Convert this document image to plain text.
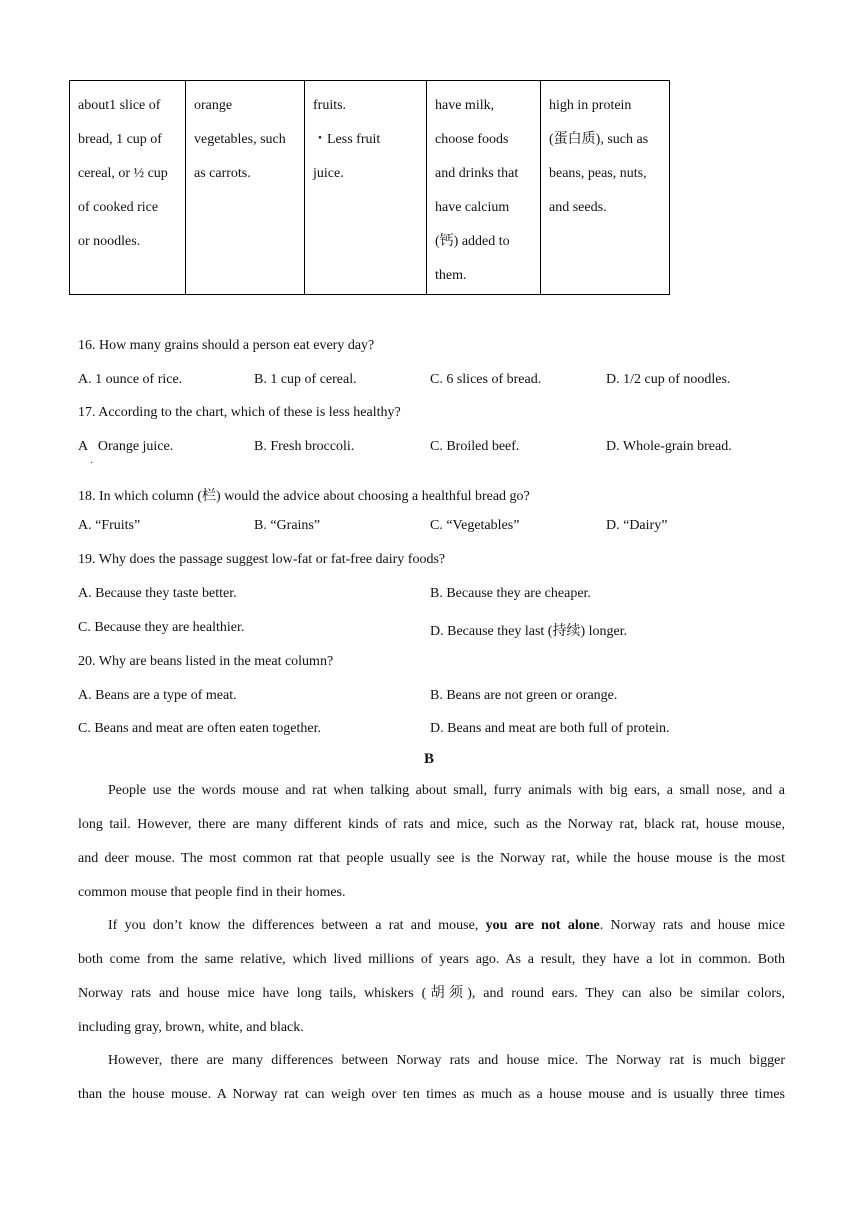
about1 slice of
bread, 1 cup of
cereal, or ½ cup
of cooked rice
or noodles.

orange
vegetables, such
as carrots.

fruits.
・Less fruit
juice.

have milk,
choose foods
and drinks that
have calcium
(钙) added to
them.

high in protein
(蛋白质), such as
beans, peas, nuts,
and seeds.
16. How many grains should a person eat every day?
A. 1 ounce of rice.	B. 1 cup of cereal.	C. 6 slices of bread.	D. 1/2 cup of noodles.
17. According to the chart, which of these is less healthy?
A   Orange juice.	B. Fresh broccoli.	C. Broiled beef.	D. Whole-grain bread.
·
18. In which column (栏) would the advice about choosing a healthful bread go?
A. “Fruits”	B. “Grains”	C. “Vegetables”	D. “Dairy”
19. Why does the passage suggest low-fat or fat-free dairy foods?
A. Because they taste better.	B. Because they are cheaper.
C. Because they are healthier.	D. Because they last (持续) longer.
20. Why are beans listed in the meat column?
A. Beans are a type of meat.	B. Beans are not green or orange.
C. Beans and meat are often eaten together.	D. Beans and meat are both full of protein.
B
People use the words mouse and rat when talking about small, furry animals with big ears, a small nose, and a
long tail. However, there are many different kinds of rats and mice, such as the Norway rat, black rat, house mouse,
and deer mouse. The most common rat that people usually see is the Norway rat, while the house mouse is the most
common mouse that people find in their homes.
If you don’t know the differences between a rat and mouse, you are not alone. Norway rats and house mice
both come from the same relative, which lived millions of years ago. As a result, they have a lot in common. Both
Norway rats and house mice have long tails, whiskers (胡须), and round ears. They can also be similar colors,
including gray, brown, white, and black.
However, there are many differences between Norway rats and house mice. The Norway rat is much bigger
than the house mouse. A Norway rat can weigh over ten times as much as a house mouse and is usually three times
